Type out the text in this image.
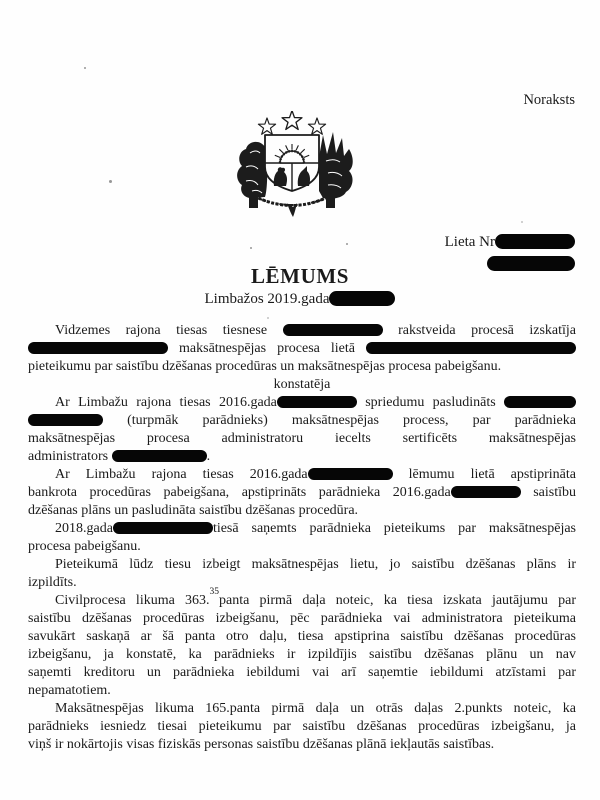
Noraksts
Lieta Nr
LĒMUMS
Limbažos 2019.gada
Vidzemes rajona tiesas tiesnese	rakstveida procesā izskatīja
maksātnespējas procesa lietā
pieteikumu par saistību dzēšanas procedūras un maksātnespējas procesa pabeigšanu.
konstatēja
Ar Limbažu rajona tiesas 2016.gada	spriedumu pasludināts
(turpmāk parādnieks) maksātnespējas process, par parādnieka
maksātnespējas procesa administratoru iecelts sertificēts maksātnespējas
administrators	.
Ar Limbažu rajona tiesas 2016.gada	lēmumu lietā apstiprināta
bankrota procedūras pabeigšana, apstiprināts parādnieka 2016.gada	saistību
dzēšanas plāns un pasludināta saistību dzēšanas procedūra.
2018.gada	tiesā saņemts parādnieka pieteikums par maksātnespējas
procesa pabeigšanu.
Pieteikumā lūdz tiesu izbeigt maksātnespējas lietu, jo saistību dzēšanas plāns ir
izpildīts.
Civilprocesa likuma 363.35panta pirmā daļa noteic, ka tiesa izskata jautājumu par
saistību dzēšanas procedūras izbeigšanu, pēc parādnieka vai administratora pieteikuma
savukārt saskaņā ar šā panta otro daļu, tiesa apstiprina saistību dzēšanas procedūras
izbeigšanu, ja konstatē, ka parādnieks ir izpildījis saistību dzēšanas plānu un nav
saņemti kreditoru un parādnieka iebildumi vai arī saņemtie iebildumi atzīstami par
nepamatotiem.
Maksātnespējas likuma 165.panta pirmā daļa un otrās daļas 2.punkts noteic, ka
parādnieks iesniedz tiesai pieteikumu par saistību dzēšanas procedūras izbeigšanu, ja
viņš ir nokārtojis visas fiziskās personas saistību dzēšanas plānā iekļautās saistības.
